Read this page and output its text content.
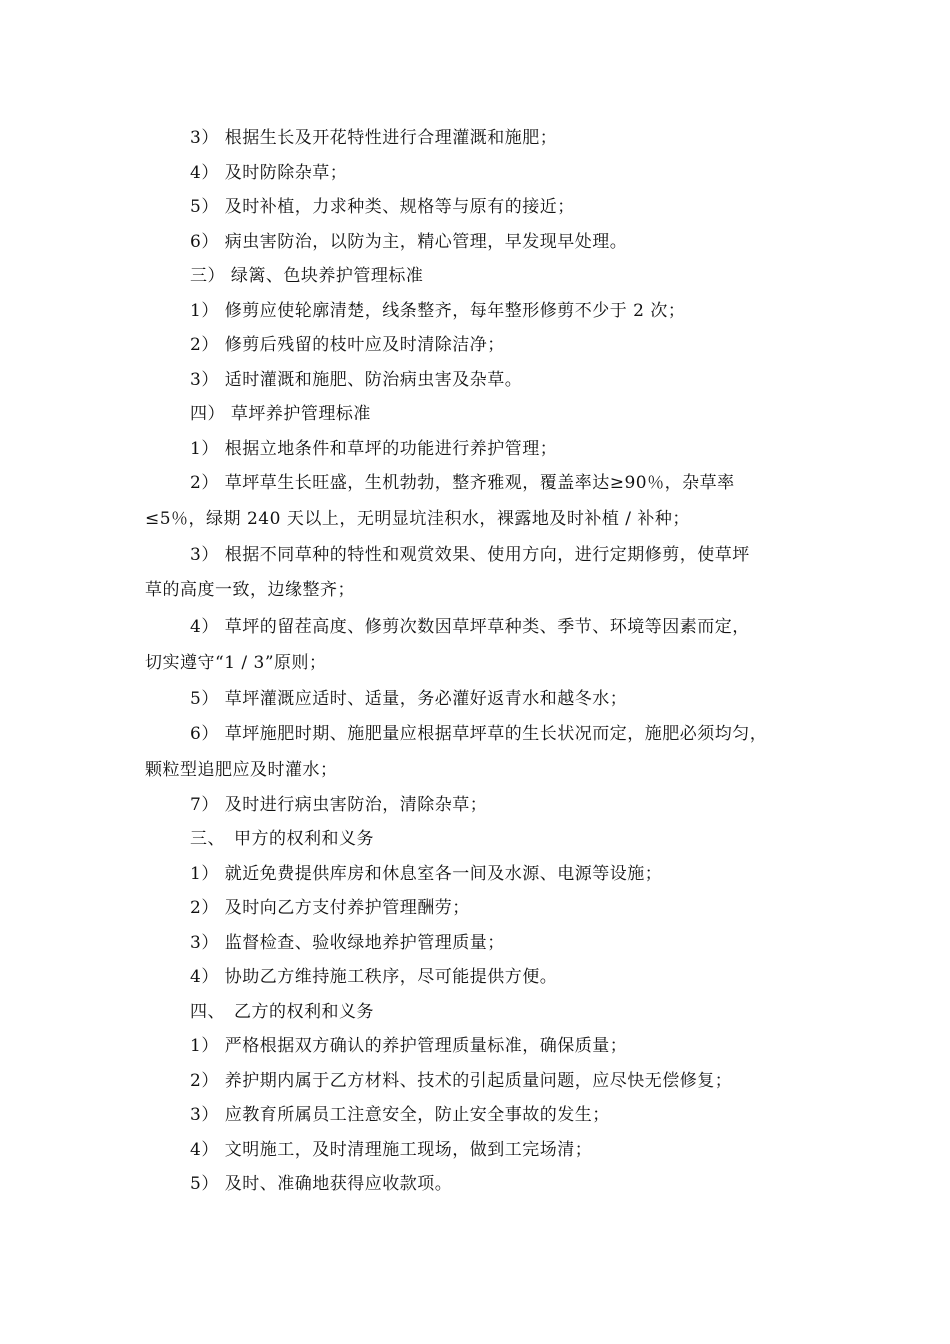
3） 根据生长及开花特性进行合理灌溉和施肥；
4） 及时防除杂草；
5） 及时补植，力求种类、规格等与原有的接近；
6） 病虫害防治，以防为主，精心管理，早发现早处理。
三） 绿篱、色块养护管理标准
1） 修剪应使轮廓清楚，线条整齐，每年整形修剪不少于 2 次；
2） 修剪后残留的枝叶应及时清除洁净；
3） 适时灌溉和施肥、防治病虫害及杂草。
四） 草坪养护管理标准
1） 根据立地条件和草坪的功能进行养护管理；
2） 草坪草生长旺盛，生机勃勃，整齐雅观，覆盖率达≥90％，杂草率
≤5％，绿期 240 天以上，无明显坑洼积水，裸露地及时补植 / 补种；
3） 根据不同草种的特性和观赏效果、使用方向，进行定期修剪，使草坪
草的高度一致，边缘整齐；
4） 草坪的留茬高度、修剪次数因草坪草种类、季节、环境等因素而定，
切实遵守“1 / 3”原则；
5） 草坪灌溉应适时、适量，务必灌好返青水和越冬水；
6） 草坪施肥时期、施肥量应根据草坪草的生长状况而定，施肥必须均匀，
颗粒型追肥应及时灌水；
7） 及时进行病虫害防治，清除杂草；
三、　甲方的权利和义务
1） 就近免费提供库房和休息室各一间及水源、电源等设施；
2） 及时向乙方支付养护管理酬劳；
3） 监督检查、验收绿地养护管理质量；
4） 协助乙方维持施工秩序，尽可能提供方便。
四、　乙方的权利和义务
1） 严格根据双方确认的养护管理质量标准，确保质量；
2） 养护期内属于乙方材料、技术的引起质量问题，应尽快无偿修复；
3） 应教育所属员工注意安全，防止安全事故的发生；
4） 文明施工，及时清理施工现场，做到工完场清；
5） 及时、准确地获得应收款项。
